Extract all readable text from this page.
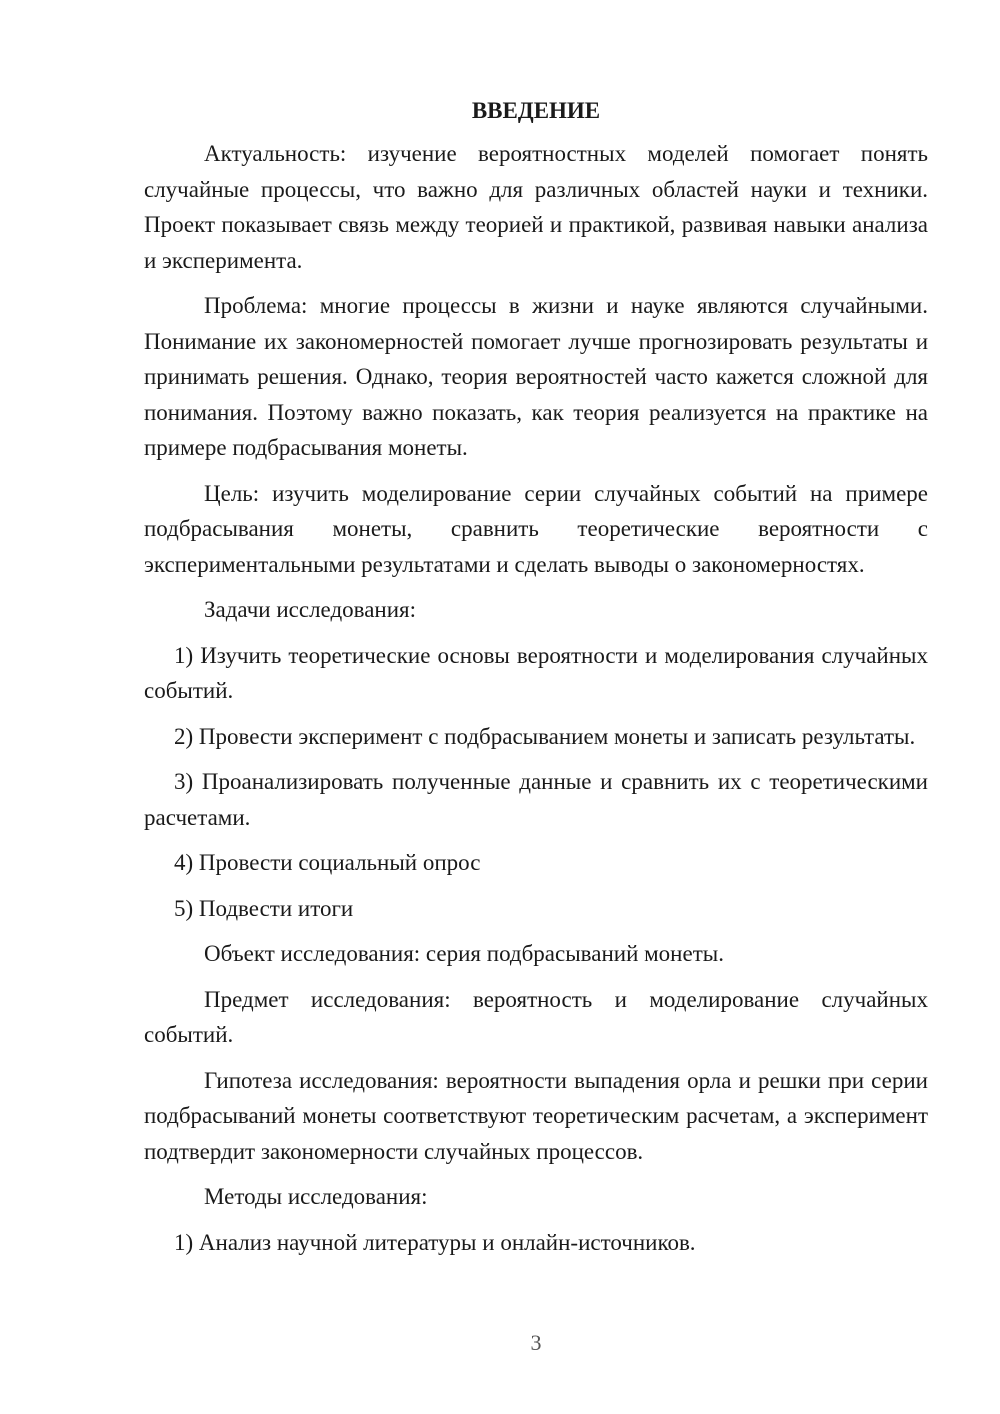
ВВЕДЕНИЕ

Актуальность: изучение вероятностных моделей помогает понять случайные процессы, что важно для различных областей науки и техники. Проект показывает связь между теорией и практикой, развивая навыки анализа и эксперимента.

Проблема: многие процессы в жизни и науке являются случайными. Понимание их закономерностей помогает лучше прогнозировать результаты и принимать решения. Однако, теория вероятностей часто кажется сложной для понимания. Поэтому важно показать, как теория реализуется на практике на примере подбрасывания монеты.

Цель: изучить моделирование серии случайных событий на примере подбрасывания монеты, сравнить теоретические вероятности с экспериментальными результатами и сделать выводы о закономерностях.

Задачи исследования:

1) Изучить теоретические основы вероятности и моделирования случайных событий.

2) Провести эксперимент с подбрасыванием монеты и записать результаты.

3) Проанализировать полученные данные и сравнить их с теоретическими расчетами.

4) Провести социальный опрос

5) Подвести итоги

Объект исследования: серия подбрасываний монеты.

Предмет исследования: вероятность и моделирование случайных событий.

Гипотеза исследования: вероятности выпадения орла и решки при серии подбрасываний монеты соответствуют теоретическим расчетам, а эксперимент подтвердит закономерности случайных процессов.

Методы исследования:

1) Анализ научной литературы и онлайн-источников.

3
